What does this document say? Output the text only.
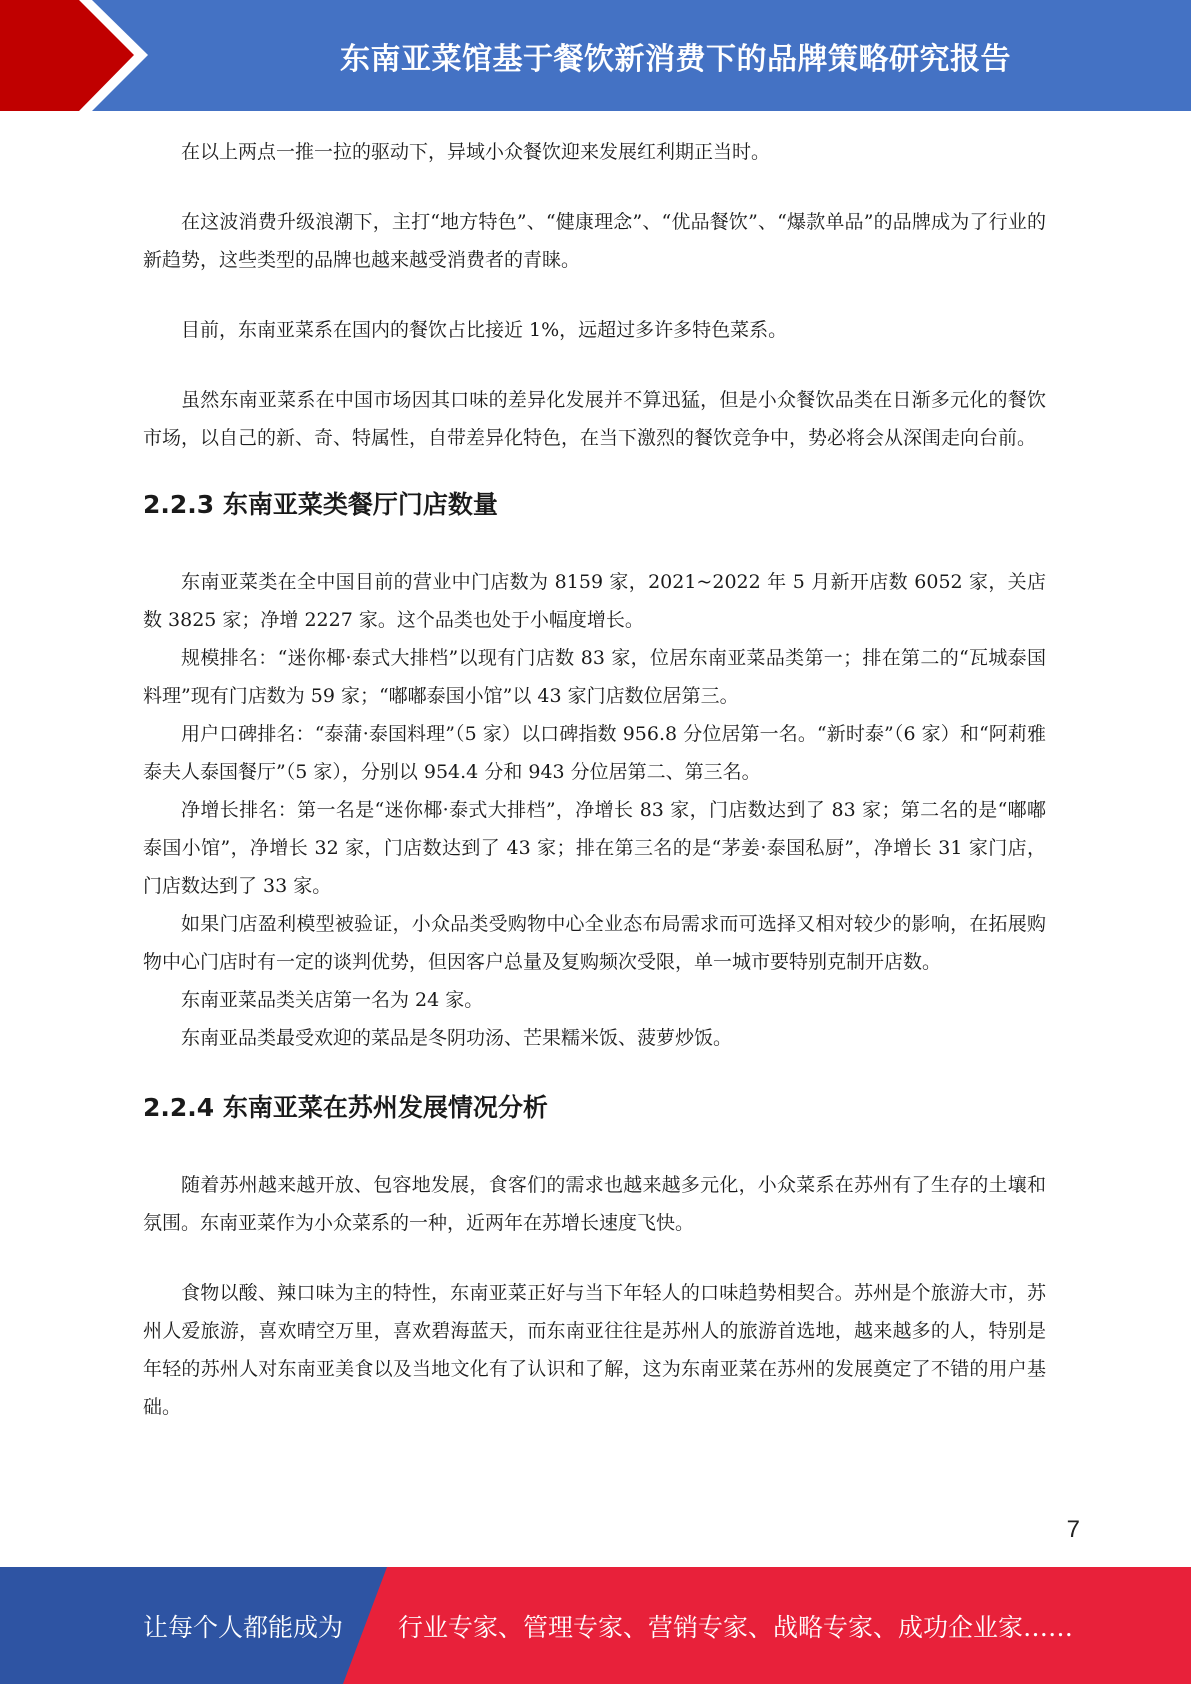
东南亚菜馆基于餐饮新消费下的品牌策略研究报告

在以上两点一推一拉的驱动下，异域小众餐饮迎来发展红利期正当时。

在这波消费升级浪潮下，主打“地方特色”、“健康理念”、“优品餐饮”、“爆款单品”的品牌成为了行业的新趋势，这些类型的品牌也越来越受消费者的青睐。

目前，东南亚菜系在国内的餐饮占比接近 1%，远超过多许多特色菜系。

虽然东南亚菜系在中国市场因其口味的差异化发展并不算迅猛，但是小众餐饮品类在日渐多元化的餐饮市场，以自己的新、奇、特属性，自带差异化特色，在当下激烈的餐饮竞争中，势必将会从深闺走向台前。

2.2.3 东南亚菜类餐厅门店数量

东南亚菜类在全中国目前的营业中门店数为 8159 家，2021~2022 年 5 月新开店数 6052 家，关店数 3825 家；净增 2227 家。这个品类也处于小幅度增长。

规模排名：“迷你椰·泰式大排档”以现有门店数 83 家，位居东南亚菜品类第一；排在第二的“瓦城泰国料理”现有门店数为 59 家；“嘟嘟泰国小馆”以 43 家门店数位居第三。

用户口碑排名：“泰蒲·泰国料理”（5 家）以口碑指数 956.8 分位居第一名。“新时泰”（6 家）和“阿莉雅泰夫人泰国餐厅”（5 家），分别以 954.4 分和 943 分位居第二、第三名。

净增长排名：第一名是“迷你椰·泰式大排档”，净增长 83 家，门店数达到了 83 家；第二名的是“嘟嘟泰国小馆”，净增长 32 家，门店数达到了 43 家；排在第三名的是“茅姜·泰国私厨”，净增长 31 家门店，门店数达到了 33 家。

如果门店盈利模型被验证，小众品类受购物中心全业态布局需求而可选择又相对较少的影响，在拓展购物中心门店时有一定的谈判优势，但因客户总量及复购频次受限，单一城市要特别克制开店数。

东南亚菜品类关店第一名为 24 家。

东南亚品类最受欢迎的菜品是冬阴功汤、芒果糯米饭、菠萝炒饭。

2.2.4 东南亚菜在苏州发展情况分析

随着苏州越来越开放、包容地发展，食客们的需求也越来越多元化，小众菜系在苏州有了生存的土壤和氛围。东南亚菜作为小众菜系的一种，近两年在苏增长速度飞快。

食物以酸、辣口味为主的特性，东南亚菜正好与当下年轻人的口味趋势相契合。苏州是个旅游大市，苏州人爱旅游，喜欢晴空万里，喜欢碧海蓝天，而东南亚往往是苏州人的旅游首选地，越来越多的人，特别是年轻的苏州人对东南亚美食以及当地文化有了认识和了解，这为东南亚菜在苏州的发展奠定了不错的用户基础。

7
让每个人都能成为 行业专家、管理专家、营销专家、战略专家、成功企业家……
